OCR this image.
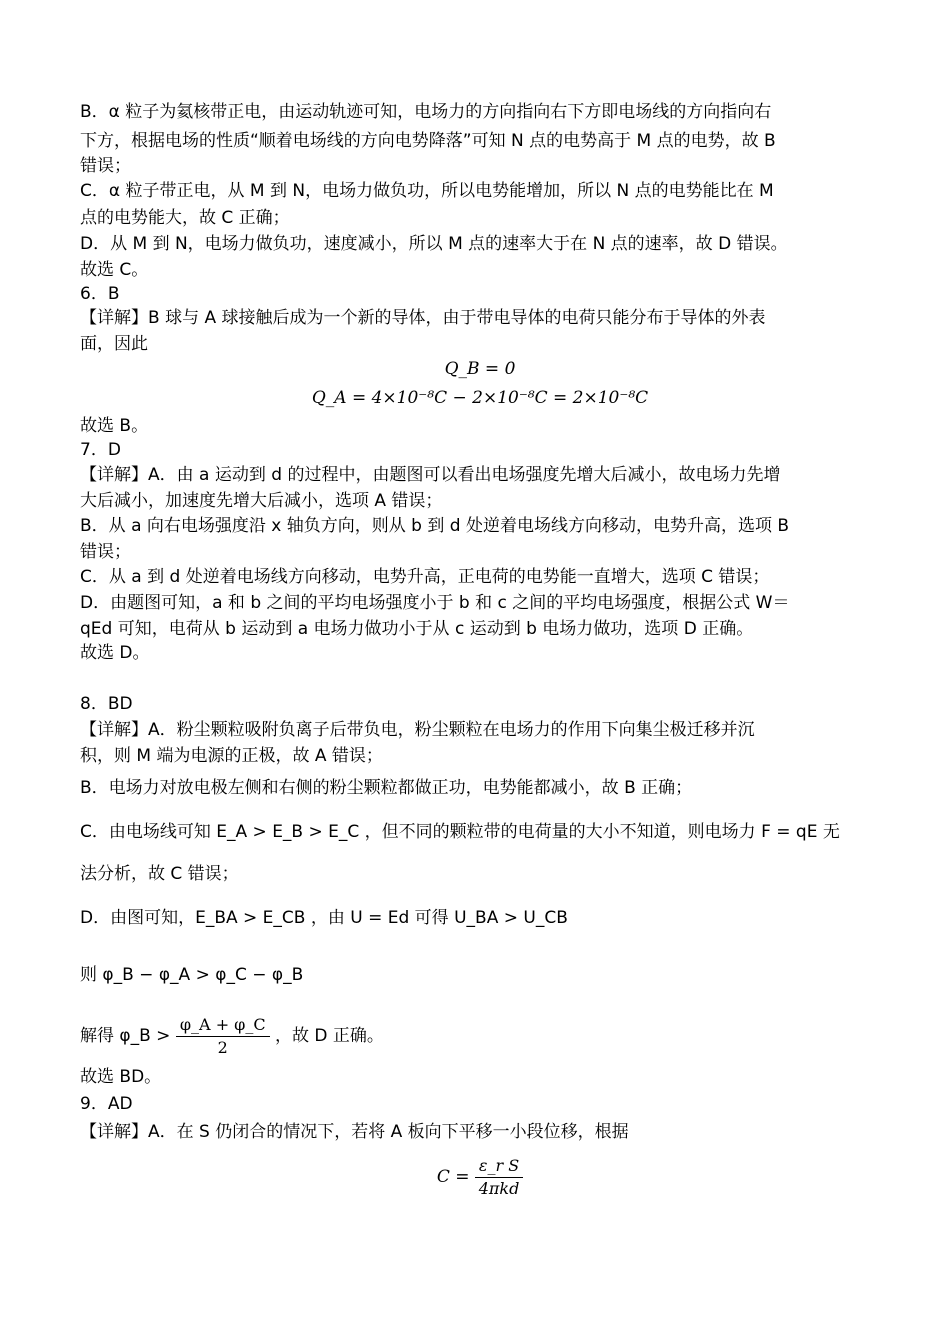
B．α 粒子为氦核带正电，由运动轨迹可知，电场力的方向指向右下方即电场线的方向指向右
下方，根据电场的性质“顺着电场线的方向电势降落”可知 N 点的电势高于 M 点的电势，故 B
错误；
C．α 粒子带正电，从 M 到 N，电场力做负功，所以电势能增加，所以 N 点的电势能比在 M
点的电势能大，故 C 正确；
D．从 M 到 N，电场力做负功，速度减小，所以 M 点的速率大于在 N 点的速率，故 D 错误。
故选 C。
6．B
【详解】B 球与 A 球接触后成为一个新的导体，由于带电导体的电荷只能分布于导体的外表
面，因此
Q_B = 0
Q_A = 4×10⁻⁸C − 2×10⁻⁸C = 2×10⁻⁸C
故选 B。
7．D
【详解】A．由 a 运动到 d 的过程中，由题图可以看出电场强度先增大后减小，故电场力先增
大后减小，加速度先增大后减小，选项 A 错误；
B．从 a 向右电场强度沿 x 轴负方向，则从 b 到 d 处逆着电场线方向移动，电势升高，选项 B
错误；
C．从 a 到 d 处逆着电场线方向移动，电势升高，正电荷的电势能一直增大，选项 C 错误；
D．由题图可知，a 和 b 之间的平均电场强度小于 b 和 c 之间的平均电场强度，根据公式 W＝
qEd 可知，电荷从 b 运动到 a 电场力做功小于从 c 运动到 b 电场力做功，选项 D 正确。
故选 D。
8．BD
【详解】A．粉尘颗粒吸附负离子后带负电，粉尘颗粒在电场力的作用下向集尘极迁移并沉
积，则 M 端为电源的正极，故 A 错误；
B．电场力对放电极左侧和右侧的粉尘颗粒都做正功，电势能都减小，故 B 正确；
C．由电场线可知 E_A > E_B > E_C ，但不同的颗粒带的电荷量的大小不知道，则电场力 F = qE 无
法分析，故 C 错误；
D．由图可知，E_BA > E_CB ，由 U = Ed 可得 U_BA > U_CB
则 φ_B − φ_A > φ_C − φ_B
解得 φ_B > $\frac{\varphi\_A + \varphi\_C}{2}$ ，故 D 正确。
故选 BD。
9．AD
【详解】A．在 S 仍闭合的情况下，若将 A 板向下平移一小段位移，根据
$C = \frac{\text{ε\_r S}}{\text{4πkd}}$
